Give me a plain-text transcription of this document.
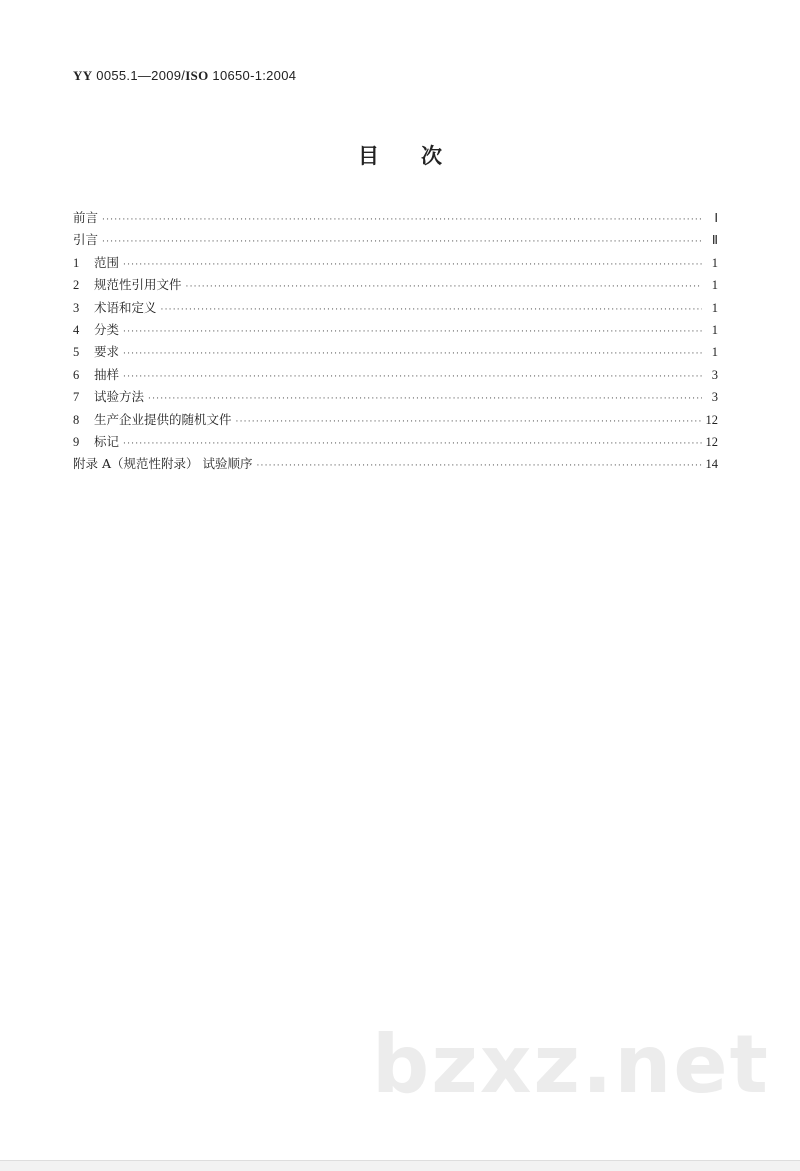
YY 0055.1—2009/ISO 10650-1:2004
目次
前言 ·····	Ⅰ
引言 ·····	Ⅱ
1	范围 ·····	1
2	规范性引用文件 ·····	1
3	术语和定义 ·····	1
4	分类 ·····	1
5	要求 ·····	1
6	抽样 ·····	3
7	试验方法 ·····	3
8	生产企业提供的随机文件 ·····	12
9	标记 ·····	12
附录 A（规范性附录） 试验顺序 ·····	14
bzxz.net
